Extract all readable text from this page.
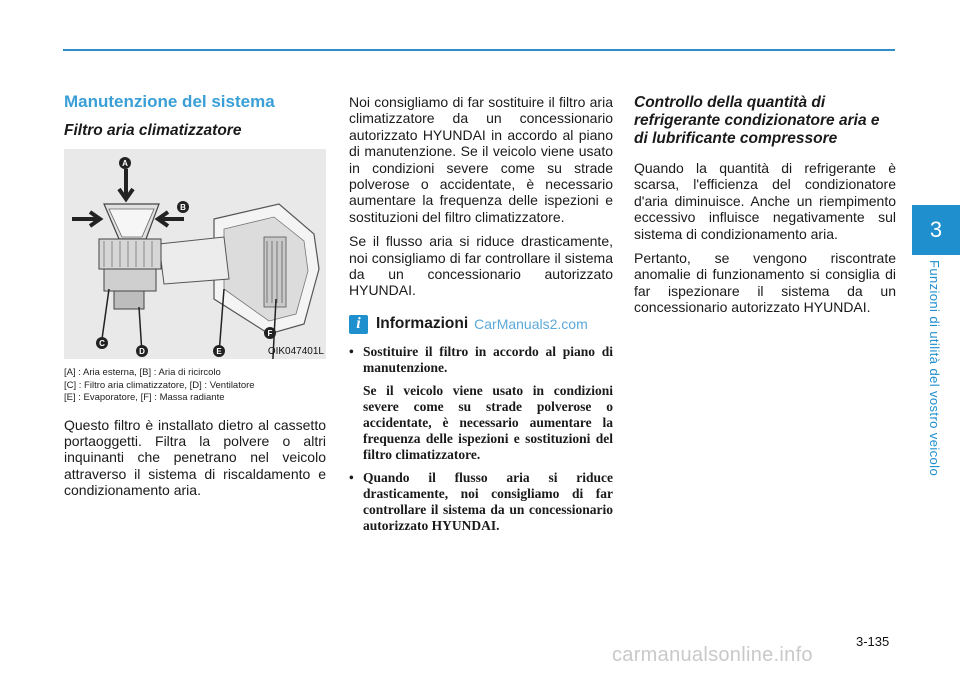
3
Funzioni di utilità del vostro veicolo
Manutenzione del sistema
Filtro aria climatizzatore
A
B
C
D	E
F
OIK047401L
[A] : Aria esterna, [B] : Aria di ricircolo
[C] : Filtro aria climatizzatore, [D] : Ventilatore
[E] : Evaporatore, [F] : Massa radiante

Questo filtro è installato dietro al cassetto portaoggetti. Filtra la polvere o altri inquinanti che penetrano nel veicolo attraverso il sistema di riscaldamento e condizionamento aria.

Noi consigliamo di far sostituire il filtro aria climatizzatore da un concessionario autorizzato HYUNDAI in accordo al piano di manutenzione. Se il veicolo viene usato in condizioni severe come su strade polverose o accidentate, è necessario aumentare la frequenza delle ispezioni e sostituzioni del filtro climatizzatore.

Se il flusso aria si riduce drasticamente, noi consigliamo di far controllare il sistema da un concessionario autorizzato HYUNDAI.

i Informazioni CarManuals2.com
• Sostituire il filtro in accordo al piano di manutenzione.
Se il veicolo viene usato in condizioni severe come su strade polverose o accidentate, è necessario aumentare la frequenza delle ispezioni e sostituzioni del filtro climatizzatore.
• Quando il flusso aria si riduce drasticamente, noi consigliamo di far controllare il sistema da un concessionario autorizzato HYUNDAI.
Controllo della quantità di refrigerante condizionatore aria e di lubrificante compressore

Quando la quantità di refrigerante è scarsa, l'efficienza del condizionatore d'aria diminuisce. Anche un riempimento eccessivo influisce negativamente sul sistema di condizionamento aria.

Pertanto, se vengono riscontrate anomalie di funzionamento si consiglia di far ispezionare il sistema da un concessionario autorizzato HYUNDAI.

3-135
carmanualsonline.info
